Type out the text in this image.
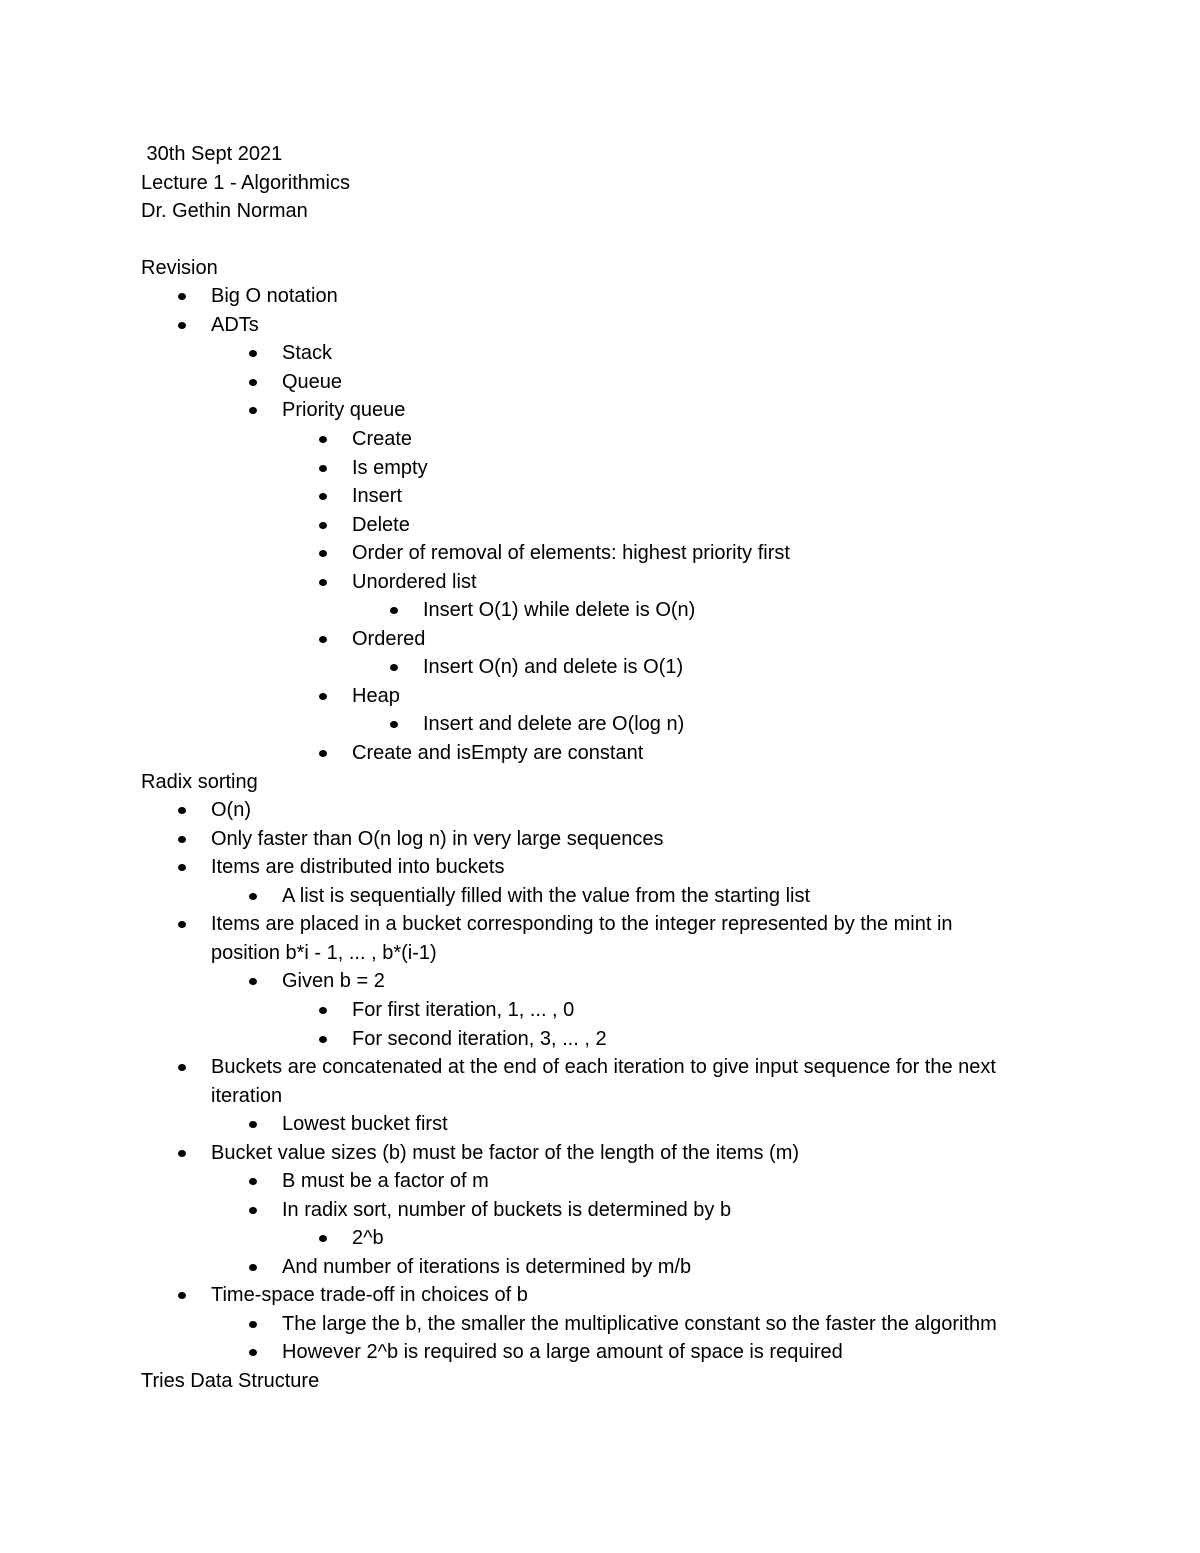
30th Sept 2021
Lecture 1 - Algorithmics
Dr. Gethin Norman
Revision
Big O notation
ADTs
Stack
Queue
Priority queue
Create
Is empty
Insert
Delete
Order of removal of elements: highest priority first
Unordered list
Insert O(1) while delete is O(n)
Ordered
Insert O(n) and delete is O(1)
Heap
Insert and delete are O(log n)
Create and isEmpty are constant
Radix sorting
O(n)
Only faster than O(n log n) in very large sequences
Items are distributed into buckets
A list is sequentially filled with the value from the starting list
Items are placed in a bucket corresponding to the integer represented by the mint in
position b*i - 1, ... , b*(i-1)
Given b = 2
For first iteration, 1, ... , 0
For second iteration, 3, ... , 2
Buckets are concatenated at the end of each iteration to give input sequence for the next
iteration
Lowest bucket first
Bucket value sizes (b) must be factor of the length of the items (m)
B must be a factor of m
In radix sort, number of buckets is determined by b
2^b
And number of iterations is determined by m/b
Time-space trade-off in choices of b
The large the b, the smaller the multiplicative constant so the faster the algorithm
However 2^b is required so a large amount of space is required
Tries Data Structure
